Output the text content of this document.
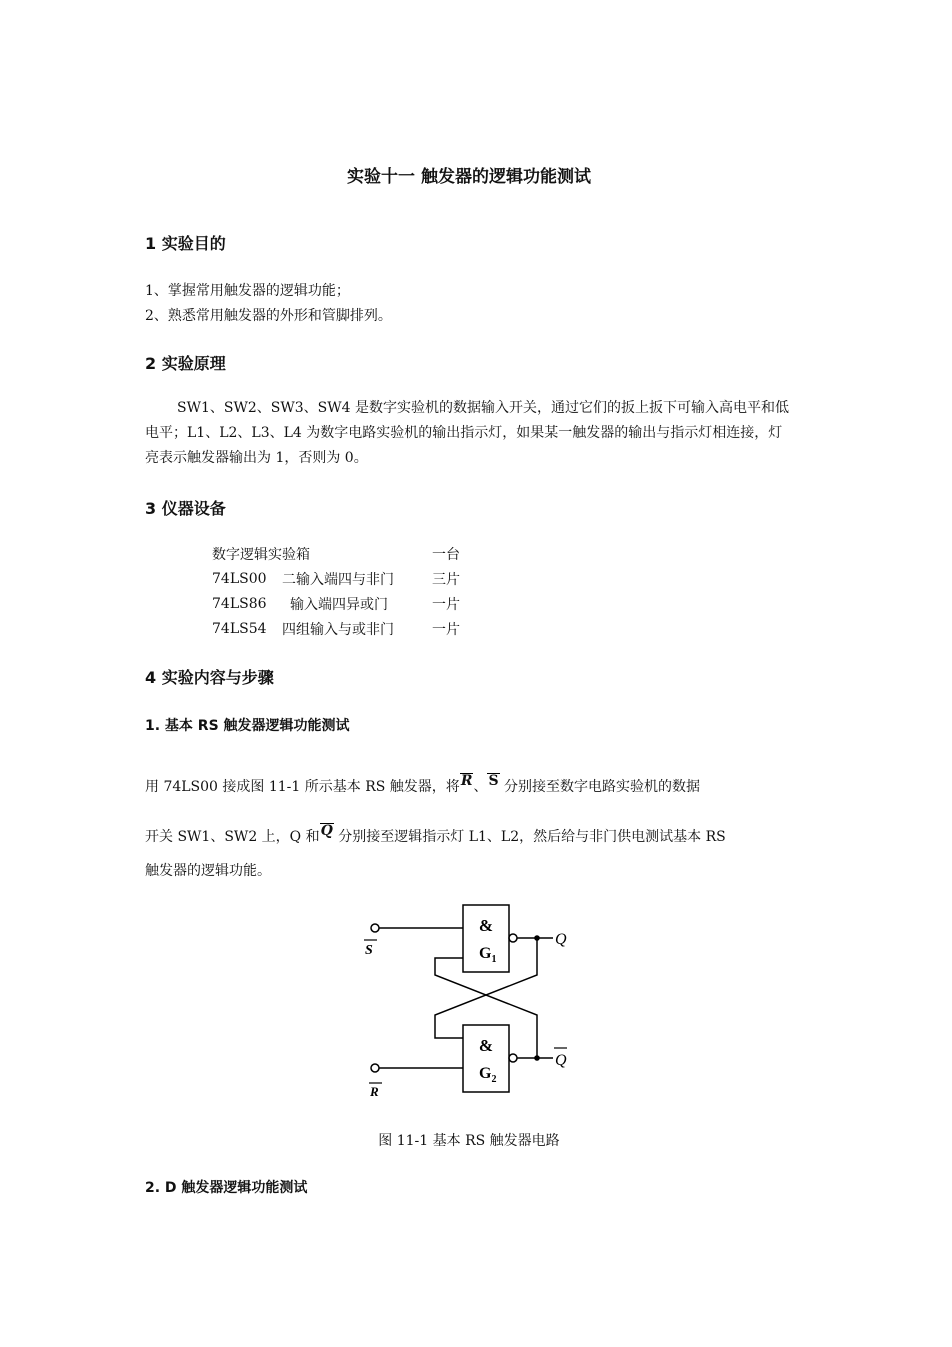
实验十一 触发器的逻辑功能测试
1 实验目的
1、掌握常用触发器的逻辑功能；
2、熟悉常用触发器的外形和管脚排列。
2 实验原理
SW1、SW2、SW3、SW4 是数字实验机的数据输入开关，通过它们的扳上扳下可输入高电平和低电平；L1、L2、L3、L4 为数字电路实验机的输出指示灯，如果某一触发器的输出与指示灯相连接，灯亮表示触发器输出为 1，否则为 0。
3 仪器设备
数字逻辑实验箱		一台
74LS00	二输入端四与非门	三片
74LS86	输入端四异或门	一片
74LS54	四组输入与或非门	一片
4 实验内容与步骤
1. 基本 RS 触发器逻辑功能测试
用 74LS00 接成图 11-1 所示基本 RS 触发器，将R、S 分别接至数字电路实验机的数据
开关 SW1、SW2 上，Q 和Q 分别接至逻辑指示灯 L1、L2，然后给与非门供电测试基本 RS
触发器的逻辑功能。
&
$G_1$
&
$G_2$
S
R
Q
Q
图 11-1 基本 RS 触发器电路
2. D 触发器逻辑功能测试
